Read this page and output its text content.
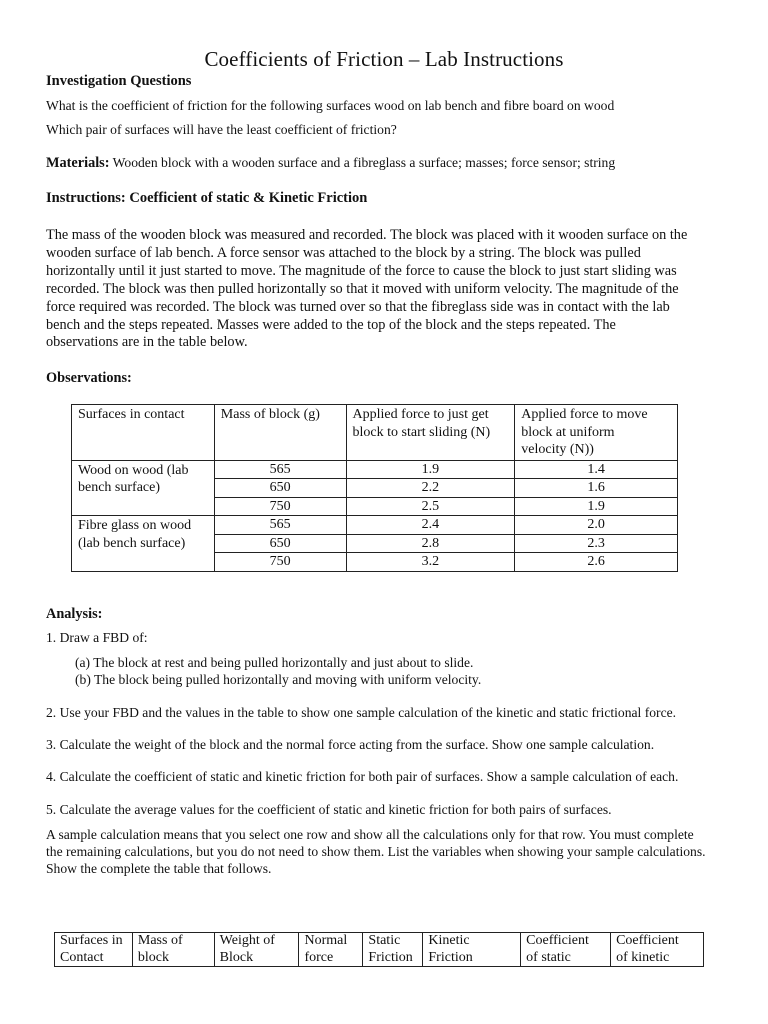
Coefficients of Friction – Lab Instructions
Investigation Questions
What is the coefficient of friction for the following surfaces wood on lab bench and fibre board on wood
Which pair of surfaces will have the least coefficient of friction?
Materials: Wooden block with a wooden surface and a fibreglass a surface; masses; force sensor; string
Instructions: Coefficient of static & Kinetic Friction
The mass of the wooden block was measured and recorded. The block was placed with it wooden surface on the
wooden surface of lab bench. A force sensor was attached to the block by a string. The block was pulled
horizontally until it just started to move. The magnitude of the force to cause the block to just start sliding was
recorded. The block was then pulled horizontally so that it moved with uniform velocity. The magnitude of the
force required was recorded. The block was turned over so that the fibreglass side was in contact with the lab
bench and the steps repeated. Masses were added to the top of the block and the steps repeated. The
observations are in the table below.
Observations:
Surfaces in contact	Mass of block (g)	Applied force to just get
block to start sliding (N)	Applied force to move
block at uniform
velocity (N))
Wood on wood (lab
bench surface)	565	1.9	1.4
	650	2.2	1.6
	750	2.5	1.9
Fibre glass on wood
(lab bench surface)	565	2.4	2.0
	650	2.8	2.3
	750	3.2	2.6
Analysis:
1. Draw a FBD of:
(a) The block at rest and being pulled horizontally and just about to slide.
(b) The block being pulled horizontally and moving with uniform velocity.
2. Use your FBD and the values in the table to show one sample calculation of the kinetic and static frictional force.
3. Calculate the weight of the block and the normal force acting from the surface. Show one sample calculation.
4. Calculate the coefficient of static and kinetic friction for both pair of surfaces. Show a sample calculation of each.
5. Calculate the average values for the coefficient of static and kinetic friction for both pairs of surfaces.
A sample calculation means that you select one row and show all the calculations only for that row. You must complete
the remaining calculations, but you do not need to show them. List the variables when showing your sample calculations.
Show the complete the table that follows.
Surfaces in
Contact	Mass of
block	Weight of
Block	Normal
force	Static
Friction	Kinetic
Friction	Coefficient
of static	Coefficient
of kinetic
